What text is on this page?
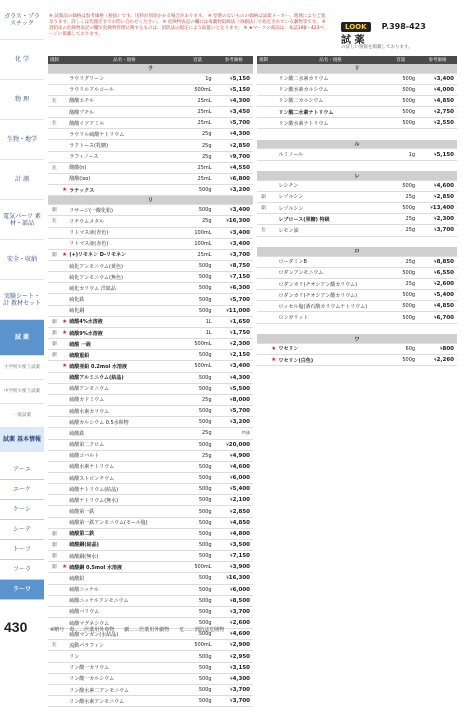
ガラス・プラスチック
化 学
物 理
生物・地学
計 測
電気パーツ 素材・部品
安全・収納
実験シート・計 教材セット
試 薬
小学校で使う試薬
中学校で使う試薬
一般試薬
試薬 基本情報
ア〜エ
エ〜ケ
ケ〜シ
シ〜テ
ト〜フ
フ〜ラ
ラ〜ワ
430
※ 試薬品の価格は参考価格（税抜）です。送料が別途かかる場合があります。 ※ 型番のないものの価格は試薬メーカー、地域によりご異なります。詳しくは代理店までお問い合わせください。 ※ 危険物表記の欄には毒劇物取締法（毒劇法）で指定されている劇物等です。 ※ 消防法の危険物表記の欄で危険物管理に関するものは、消防法の規定により取扱いとなります。 ※ ★マークの商品は、本誌398〜423ページに掲載しております。
LOOK P.398-423
試 薬
の詳しい情報を掲載しております。
規制		品名・規格	容量	参考価格
ラ				
		ラウリグリーン	1g	¥5,150
		ラウリルアルコール	500mL	¥5,150
危		酪酸エチル	25mL	¥4,300
		酪酸プチル	25mL	¥3,450
危		酪酸イソアミル	25mL	¥5,700
		ラウリル硫酸ナトリウム	25g	¥4,300
		ラクトース(乳糖)	25g	¥2,850
		ラフィノース	25g	¥9,700
危		酪酸(n)	25mL	¥4,550
		酪酸(iso)	25mL	¥6,800
	★	ラテックス	500g	¥3,200
リ				
劇		リサージ(一酸化鉛)	500g	¥3,400
危		リチウムメタル	25g	¥16,300
		リトマス液(青色)	100mL	¥3,400
		リトマス液(赤色)	100mL	¥3,400
劇	★	(+)リモネン D-リモネン	25mL	¥3,700
		硫化アンモニウム(黄色)	500g	¥8,750
		硫化アンモニウム(無色)	500g	¥7,150
		硫化カリウム 洋鉱品	500g	¥6,300
		硫化鉄	500g	¥5,700
		硫化銅	500g	¥11,000
劇	★	硫酸4%水溶液	1L	¥1,650
劇	★	硫酸9%水溶液	1L	¥1,750
劇		硫酸 一級	500mL	¥2,300
劇		硫酸重鉛	500g	¥2,150
	★	硫酸亜鉛 0.2mol 水溶液	500mL	¥3,400
		硫酸アルミニウム(結晶)	500g	¥4,300
		硫酸アンモニウム	500g	¥5,500
		硫酸カドミウム	25g	¥8,000
		硫酸水素カリウム	500g	¥5,700
		硫酸カルシウム 0.5水和物	500g	¥3,200
		硫酸鉄	25g	特価
		硫酸第二クロム	500g	¥20,000
		硫酸コバルト	25g	¥4,900
		硫酸水素ナトリウム	500g	¥4,600
		硫酸ストロンチウム	500g	¥6,000
		硫酸ナトリウム(結晶)	500g	¥5,400
		硫酸ナトリウム(無水)	500g	¥2,100
		硫酸第一鉄	500g	¥2,850
		硫酸第一鉄アンモニウム(モール塩)	500g	¥4,850
劇		硫酸第二鉄	500g	¥4,800
劇		硫酸銅(結晶)	500g	¥3,500
劇		硫酸銅(無水)	500g	¥7,150
劇	★	硫酸銅 0.5mol 水溶液	500mL	¥3,900
		硫酸鉛	500g	¥16,300
		硫酸ニッケル	500g	¥6,000
		硫酸ニッケルアンモニウム	500g	¥8,500
		硫酸バリウム	500g	¥3,700
		硫酸マグネシウム	500g	¥2,600
		硫酸マンガン(水結晶)	500g	¥4,600
危		流動パラフィン	500mL	¥2,900
		リン	500g	¥2,950
		リン酸一カリウム	500g	¥3,150
		リン酸一カルシウム	500g	¥4,300
		リン酸水素二アンモニウム	500g	¥3,700
		リン酸水素アンモニウム	500g	¥3,700
規制		品名・規格	容量	参考価格
リ				
		リン酸二水素カリウム	500g	¥3,400
		リン酸水素カルシウム	500g	¥4,000
		リン酸二カルシウム	500g	¥4,850
		リン酸二水素ナトリウム	500g	¥2,750
		リン酸水素ナトリウム	500g	¥2,550

ル				
		ルミノール	1g	¥5,150

レ				
		レシチン	500g	¥4,600
劇		レゾルシン	25g	¥2,850
劇		レゾルシン	500g	¥13,400
		レブロース(果糖) 特級	25g	¥2,300
危		レモン油	25g	¥3,700

ロ				
		ローダミンB	25g	¥8,850
		ロダンアンモニウム	500g	¥6,550
		ロダンカリ(チオシアン酸カリウム)	25g	¥2,600
		ロダンカリ(チオシアン酸カリウム)	500g	¥5,400
		ロッセル塩(酒石酸カリウムナトリウム)	500g	¥4,850
		ロンガリット	500g	¥6,700

ワ				
	★	ワセリン	60g	¥800
	★	ワセリン(白色)	500g	¥2,260
※略号　毒……医薬用外毒物　　劇……医薬用外劇物　　危……消防法危険物
